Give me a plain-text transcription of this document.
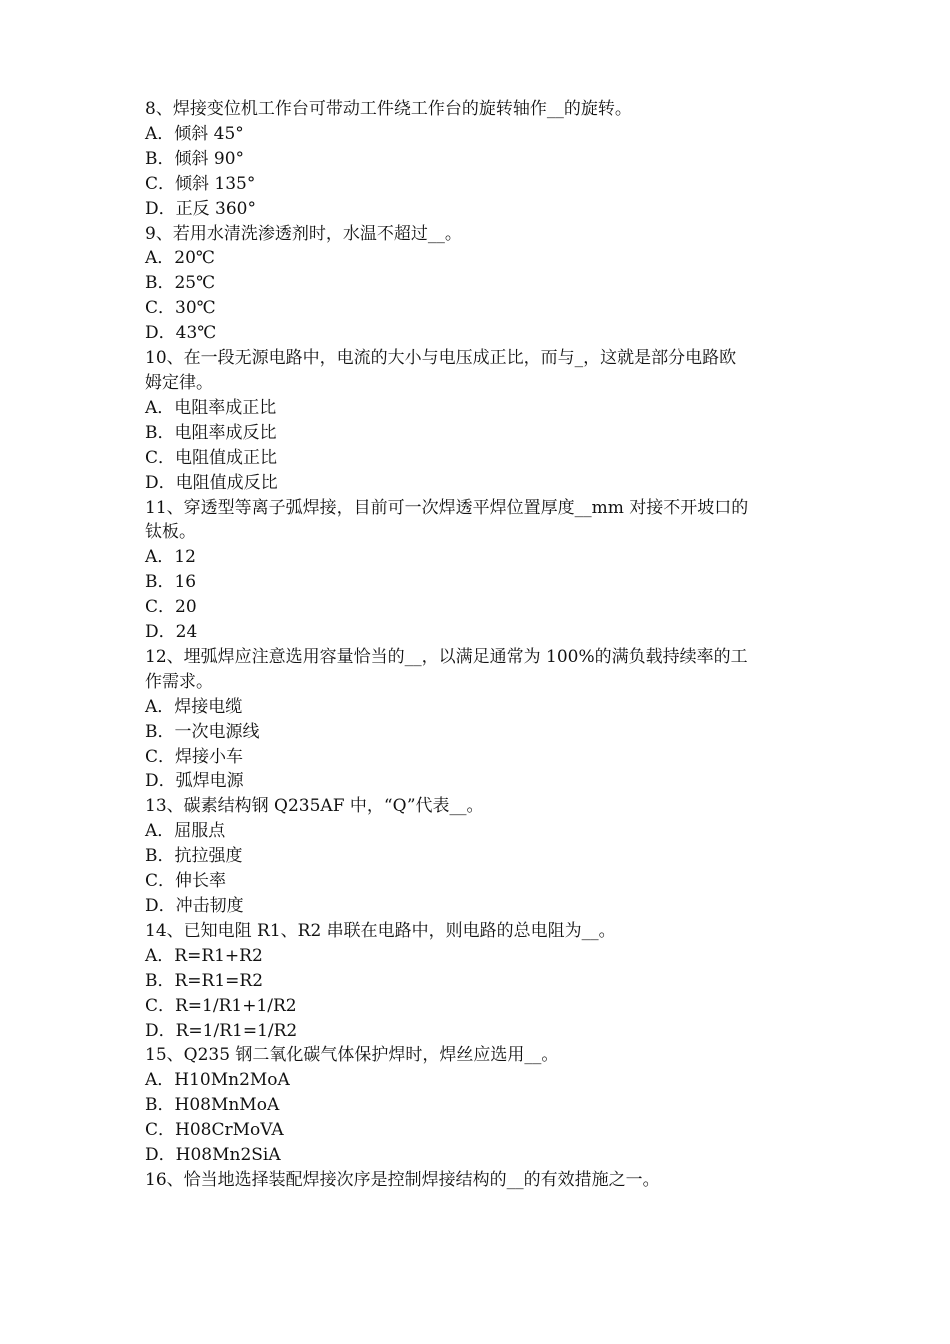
8、焊接变位机工作台可带动工件绕工作台的旋转轴作__的旋转。

A．倾斜 45°

B．倾斜 90°

C．倾斜 135°

D．正反 360°

9、若用水清洗渗透剂时，水温不超过__。

A．20℃

B．25℃

C．30℃

D．43℃

10、在一段无源电路中，电流的大小与电压成正比，而与_，这就是部分电路欧

姆定律。

A．电阻率成正比

B．电阻率成反比

C．电阻值成正比

D．电阻值成反比

11、穿透型等离子弧焊接，目前可一次焊透平焊位置厚度__mm 对接不开坡口的

钛板。

A．12

B．16

C．20

D．24

12、埋弧焊应注意选用容量恰当的__，以满足通常为 100%的满负载持续率的工

作需求。

A．焊接电缆

B．一次电源线

C．焊接小车

D．弧焊电源

13、碳素结构钢 Q235AF 中，“Q”代表__。

A．屈服点

B．抗拉强度

C．伸长率

D．冲击韧度

14、已知电阻 R1、R2 串联在电路中，则电路的总电阻为__。

A．R=R1+R2

B．R=R1=R2

C．R=1/R1+1/R2

D．R=1/R1=1/R2

15、Q235 钢二氧化碳气体保护焊时，焊丝应选用__。

A．H10Mn2MoA

B．H08MnMoA

C．H08CrMoVA

D．H08Mn2SiA

16、恰当地选择装配焊接次序是控制焊接结构的__的有效措施之一。
